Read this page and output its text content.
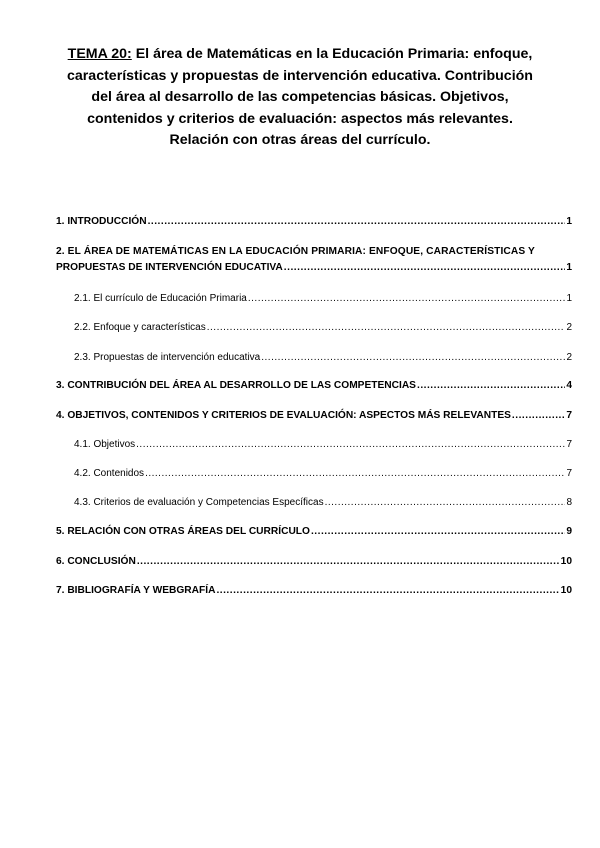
TEMA 20: El área de Matemáticas en la Educación Primaria: enfoque, características y propuestas de intervención educativa. Contribución del área al desarrollo de las competencias básicas. Objetivos, contenidos y criterios de evaluación: aspectos más relevantes. Relación con otras áreas del currículo.
1. INTRODUCCIÓN .....	1
2. EL ÁREA DE MATEMÁTICAS EN LA EDUCACIÓN PRIMARIA: ENFOQUE, CARACTERÍSTICAS Y
PROPUESTAS DE INTERVENCIÓN EDUCATIVA .....	1
2.1. El currículo de Educación Primaria .....	1
2.2. Enfoque y características .....	2
2.3. Propuestas de intervención educativa .....	2
3. CONTRIBUCIÓN DEL ÁREA AL DESARROLLO DE LAS COMPETENCIAS .....	4
4. OBJETIVOS, CONTENIDOS Y CRITERIOS DE EVALUACIÓN: ASPECTOS MÁS RELEVANTES .....	7
4.1. Objetivos .....	7
4.2. Contenidos .....	7
4.3. Criterios de evaluación y Competencias Específicas .....	8
5. RELACIÓN CON OTRAS ÁREAS DEL CURRÍCULO .....	9
6. CONCLUSIÓN .....	10
7. BIBLIOGRAFÍA Y WEBGRAFÍA .....	10
